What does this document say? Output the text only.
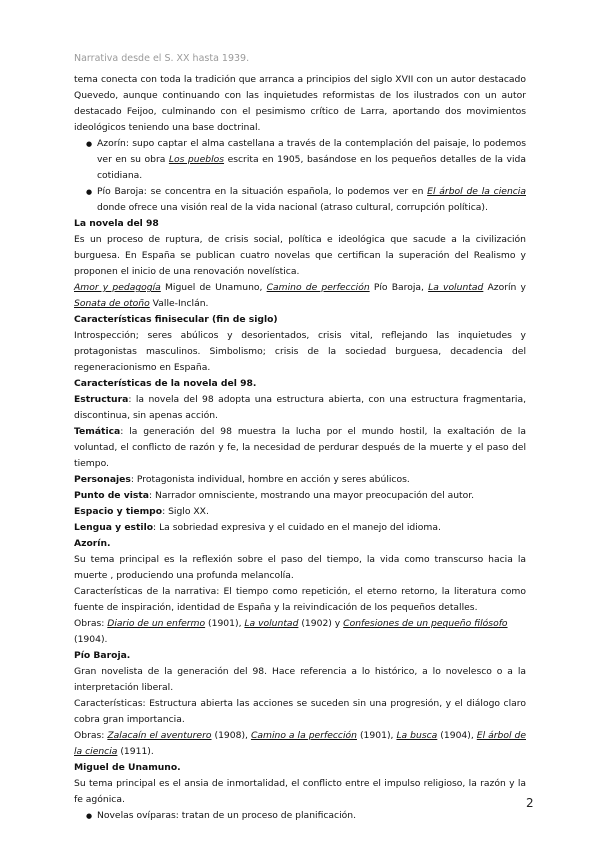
Narrativa desde el S. XX hasta 1939.
tema conecta con toda la tradición que arranca a principios del siglo XVII con un autor destacado Quevedo, aunque continuando con las inquietudes reformistas de los ilustrados con un autor destacado Feijoo, culminando con el pesimismo crítico de Larra, aportando dos movimientos ideológicos teniendo una base doctrinal.
● Azorín: supo captar el alma castellana a través de la contemplación del paisaje, lo podemos ver en su obra Los pueblos escrita en 1905, basándose en los pequeños detalles de la vida cotidiana.
● Pío Baroja: se concentra en la situación española, lo podemos ver en El árbol de la ciencia donde ofrece una visión real de la vida nacional (atraso cultural, corrupción política).
La novela del 98
Es un proceso de ruptura, de crisis social, política e ideológica que sacude a la civilización burguesa. En España se publican cuatro novelas que certifican la superación del Realismo y proponen el inicio de una renovación novelística.
Amor y pedagogía Miguel de Unamuno, Camino de perfección Pío Baroja, La voluntad Azorín y Sonata de otoño Valle-Inclán.
Características finisecular (fin de siglo)
Introspección; seres abúlicos y desorientados, crisis vital, reflejando las inquietudes y protagonistas masculinos. Simbolismo; crisis de la sociedad burguesa, decadencia del regeneracionismo en España.
Características de la novela del 98.
Estructura: la novela del 98 adopta una estructura abierta, con una estructura fragmentaria, discontinua, sin apenas acción.
Temática: la generación del 98 muestra la lucha por el mundo hostil, la exaltación de la voluntad, el conflicto de razón y fe, la necesidad de perdurar después de la muerte y el paso del tiempo.
Personajes: Protagonista individual, hombre en acción y seres abúlicos.
Punto de vista: Narrador omnisciente, mostrando una mayor preocupación del autor.
Espacio y tiempo: Siglo XX.
Lengua y estilo: La sobriedad expresiva y el cuidado en el manejo del idioma.
Azorín.
Su tema principal es la reflexión sobre el paso del tiempo, la vida como transcurso hacia la muerte , produciendo una profunda melancolía.
Características de la narrativa: El tiempo como repetición, el eterno retorno, la literatura como fuente de inspiración, identidad de España y la reivindicación de los pequeños detalles.
Obras: Diario de un enfermo (1901), La voluntad (1902) y Confesiones de un pequeño filósofo (1904).
Pío Baroja.
Gran novelista de la generación del 98. Hace referencia a lo histórico, a lo novelesco o a la interpretación liberal.
Características: Estructura abierta las acciones se suceden sin una progresión, y el diálogo claro cobra gran importancia.
Obras: Zalacaín el aventurero (1908), Camino a la perfección (1901), La busca (1904), El árbol de la ciencia (1911).
Miguel de Unamuno.
Su tema principal es el ansia de inmortalidad, el conflicto entre el impulso religioso, la razón y la fe agónica.
● Novelas ovíparas: tratan de un proceso de planificación.
2
